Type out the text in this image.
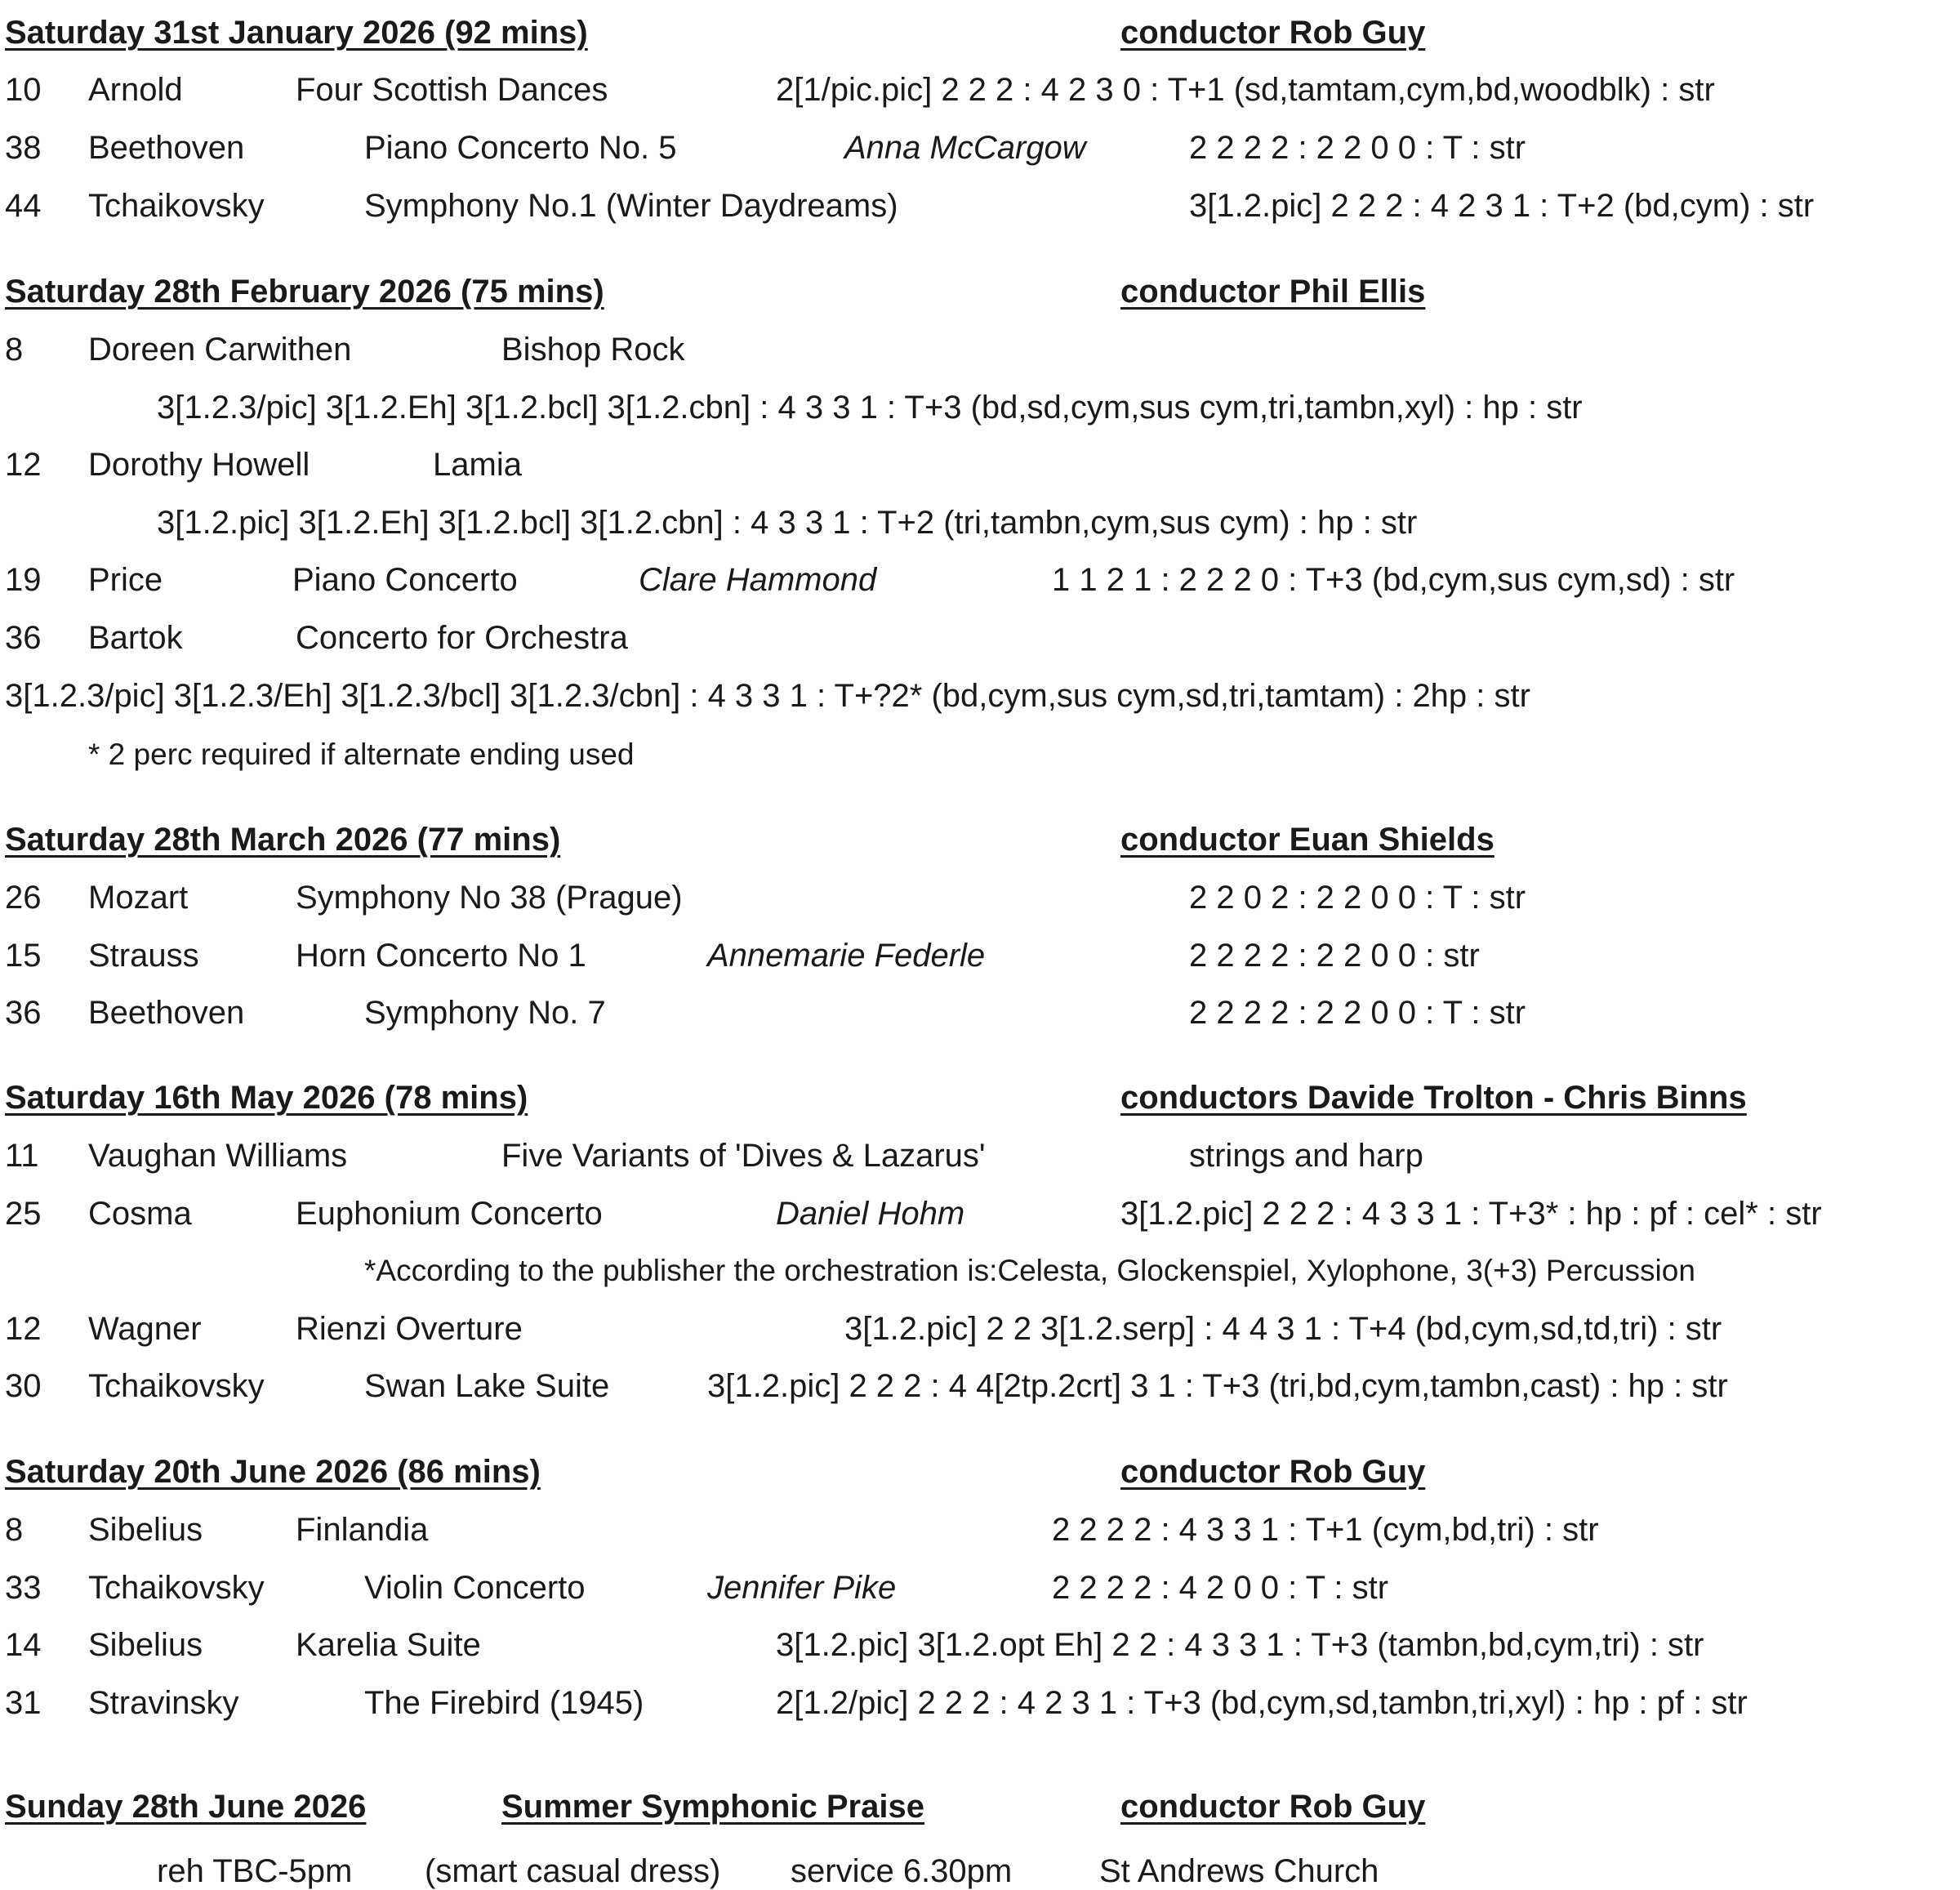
Saturday 31st January 2026 (92 mins)	conductor Rob Guy
10 Arnold	Four Scottish Dances	2[1/pic.pic] 2 2 2 : 4 2 3 0 : T+1 (sd,tamtam,cym,bd,woodblk) : str
38 Beethoven	Piano Concerto No. 5	Anna McCargow	2 2 2 2 : 2 2 0 0 : T : str
44 Tchaikovsky	Symphony No.1 (Winter Daydreams)	3[1.2.pic] 2 2 2 : 4 2 3 1 : T+2 (bd,cym) : str
Saturday 28th February 2026 (75 mins)	conductor Phil Ellis
8 Doreen Carwithen	Bishop Rock
3[1.2.3/pic] 3[1.2.Eh] 3[1.2.bcl] 3[1.2.cbn] : 4 3 3 1 : T+3 (bd,sd,cym,sus cym,tri,tambn,xyl) : hp : str
12 Dorothy Howell	Lamia
3[1.2.pic] 3[1.2.Eh] 3[1.2.bcl] 3[1.2.cbn] : 4 3 3 1 : T+2 (tri,tambn,cym,sus cym) : hp : str
19 Price	Piano Concerto	Clare Hammond	1 1 2 1 : 2 2 2 0 : T+3 (bd,cym,sus cym,sd) : str
36 Bartok	Concerto for Orchestra
3[1.2.3/pic] 3[1.2.3/Eh] 3[1.2.3/bcl] 3[1.2.3/cbn] : 4 3 3 1 : T+?2* (bd,cym,sus cym,sd,tri,tamtam) : 2hp : str
* 2 perc required if alternate ending used
Saturday 28th March 2026 (77 mins)	conductor Euan Shields
26 Mozart	Symphony No 38 (Prague)	2 2 0 2 : 2 2 0 0 : T : str
15 Strauss	Horn Concerto No 1	Annemarie Federle	2 2 2 2 : 2 2 0 0 : str
36 Beethoven	Symphony No. 7	2 2 2 2 : 2 2 0 0 : T : str
Saturday 16th May 2026 (78 mins)	conductors Davide Trolton - Chris Binns
11 Vaughan Williams	Five Variants of 'Dives & Lazarus'	strings and harp
25 Cosma	Euphonium Concerto	Daniel Hohm	3[1.2.pic] 2 2 2 : 4 3 3 1 : T+3* : hp : pf : cel* : str
*According to the publisher the orchestration is:Celesta, Glockenspiel, Xylophone, 3(+3) Percussion
12 Wagner	Rienzi Overture	3[1.2.pic] 2 2 3[1.2.serp] : 4 4 3 1 : T+4 (bd,cym,sd,td,tri) : str
30 Tchaikovsky	Swan Lake Suite	3[1.2.pic] 2 2 2 : 4 4[2tp.2crt] 3 1 : T+3 (tri,bd,cym,tambn,cast) : hp : str
Saturday 20th June 2026 (86 mins)	conductor Rob Guy
8 Sibelius	Finlandia	2 2 2 2 : 4 3 3 1 : T+1 (cym,bd,tri) : str
33 Tchaikovsky	Violin Concerto	Jennifer Pike	2 2 2 2 : 4 2 0 0 : T : str
14 Sibelius	Karelia Suite	3[1.2.pic] 3[1.2.opt Eh] 2 2 : 4 3 3 1 : T+3 (tambn,bd,cym,tri) : str
31 Stravinsky	The Firebird (1945)	2[1.2/pic] 2 2 2 : 4 2 3 1 : T+3 (bd,cym,sd,tambn,tri,xyl) : hp : pf : str
Sunday 28th June 2026	Summer Symphonic Praise	conductor Rob Guy
reh TBC-5pm (smart casual dress) service 6.30pm	St Andrews Church
